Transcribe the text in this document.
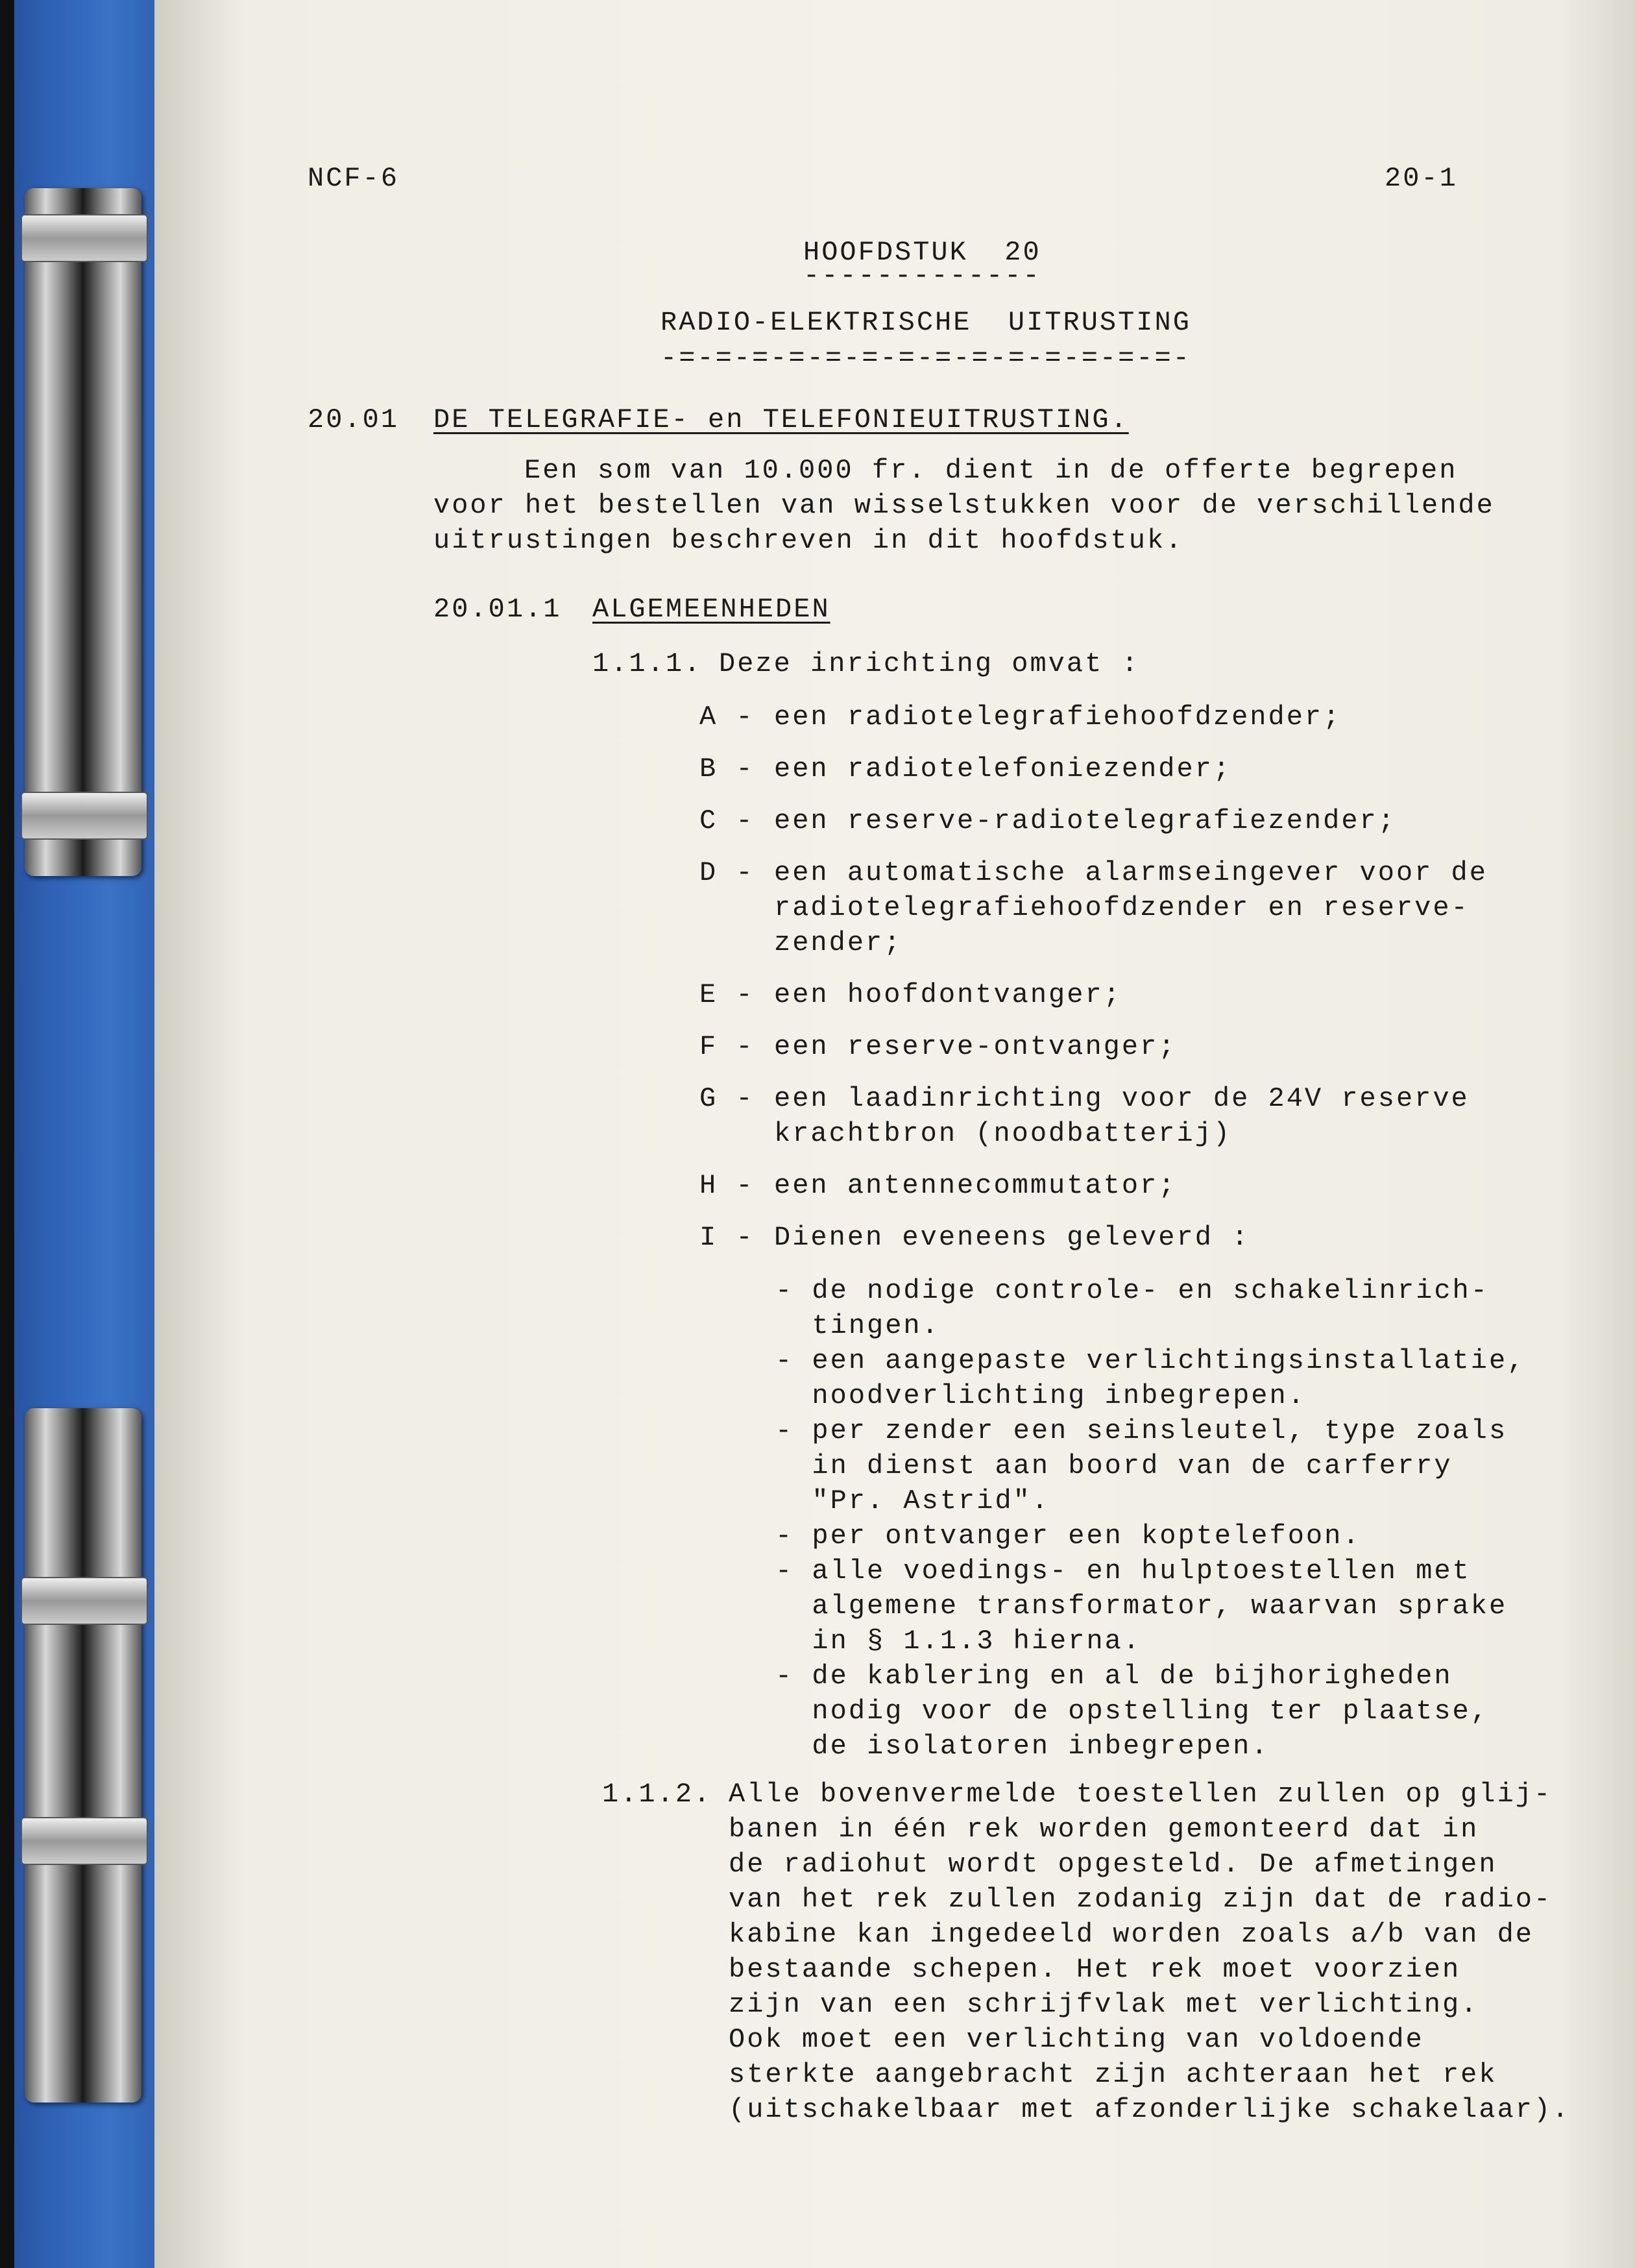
NCF-6	20-1
HOOFDSTUK  20
-------------
RADIO-ELEKTRISCHE  UITRUSTING
-=-=-=-=-=-=-=-=-=-=-=-=-=-=-
20.01 DE TELEGRAFIE- en TELEFONIEUITRUSTING.
Een som van 10.000 fr. dient in de offerte begrepen
voor het bestellen van wisselstukken voor de verschillende
uitrustingen beschreven in dit hoofdstuk.
20.01.1 ALGEMEENHEDEN
1.1.1. Deze inrichting omvat :
A - een radiotelegrafiehoofdzender;
B - een radiotelefoniezender;
C - een reserve-radiotelegrafiezender;
D - een automatische alarmseingever voor de
radiotelegrafiehoofdzender en reserve-
zender;
E - een hoofdontvanger;
F - een reserve-ontvanger;
G - een laadinrichting voor de 24V reserve
krachtbron (noodbatterij)
H - een antennecommutator;
I - Dienen eveneens geleverd :
- de nodige controle- en schakelinrich-
tingen.
- een aangepaste verlichtingsinstallatie,
noodverlichting inbegrepen.
- per zender een seinsleutel, type zoals
in dienst aan boord van de carferry
"Pr. Astrid".
- per ontvanger een koptelefoon.
- alle voedings- en hulptoestellen met
algemene transformator, waarvan sprake
in § 1.1.3 hierna.
- de kablering en al de bijhorigheden
nodig voor de opstelling ter plaatse,
de isolatoren inbegrepen.
1.1.2. Alle bovenvermelde toestellen zullen op glij-
banen in één rek worden gemonteerd dat in
de radiohut wordt opgesteld. De afmetingen
van het rek zullen zodanig zijn dat de radio-
kabine kan ingedeeld worden zoals a/b van de
bestaande schepen. Het rek moet voorzien
zijn van een schrijfvlak met verlichting.
Ook moet een verlichting van voldoende
sterkte aangebracht zijn achteraan het rek
(uitschakelbaar met afzonderlijke schakelaar).
